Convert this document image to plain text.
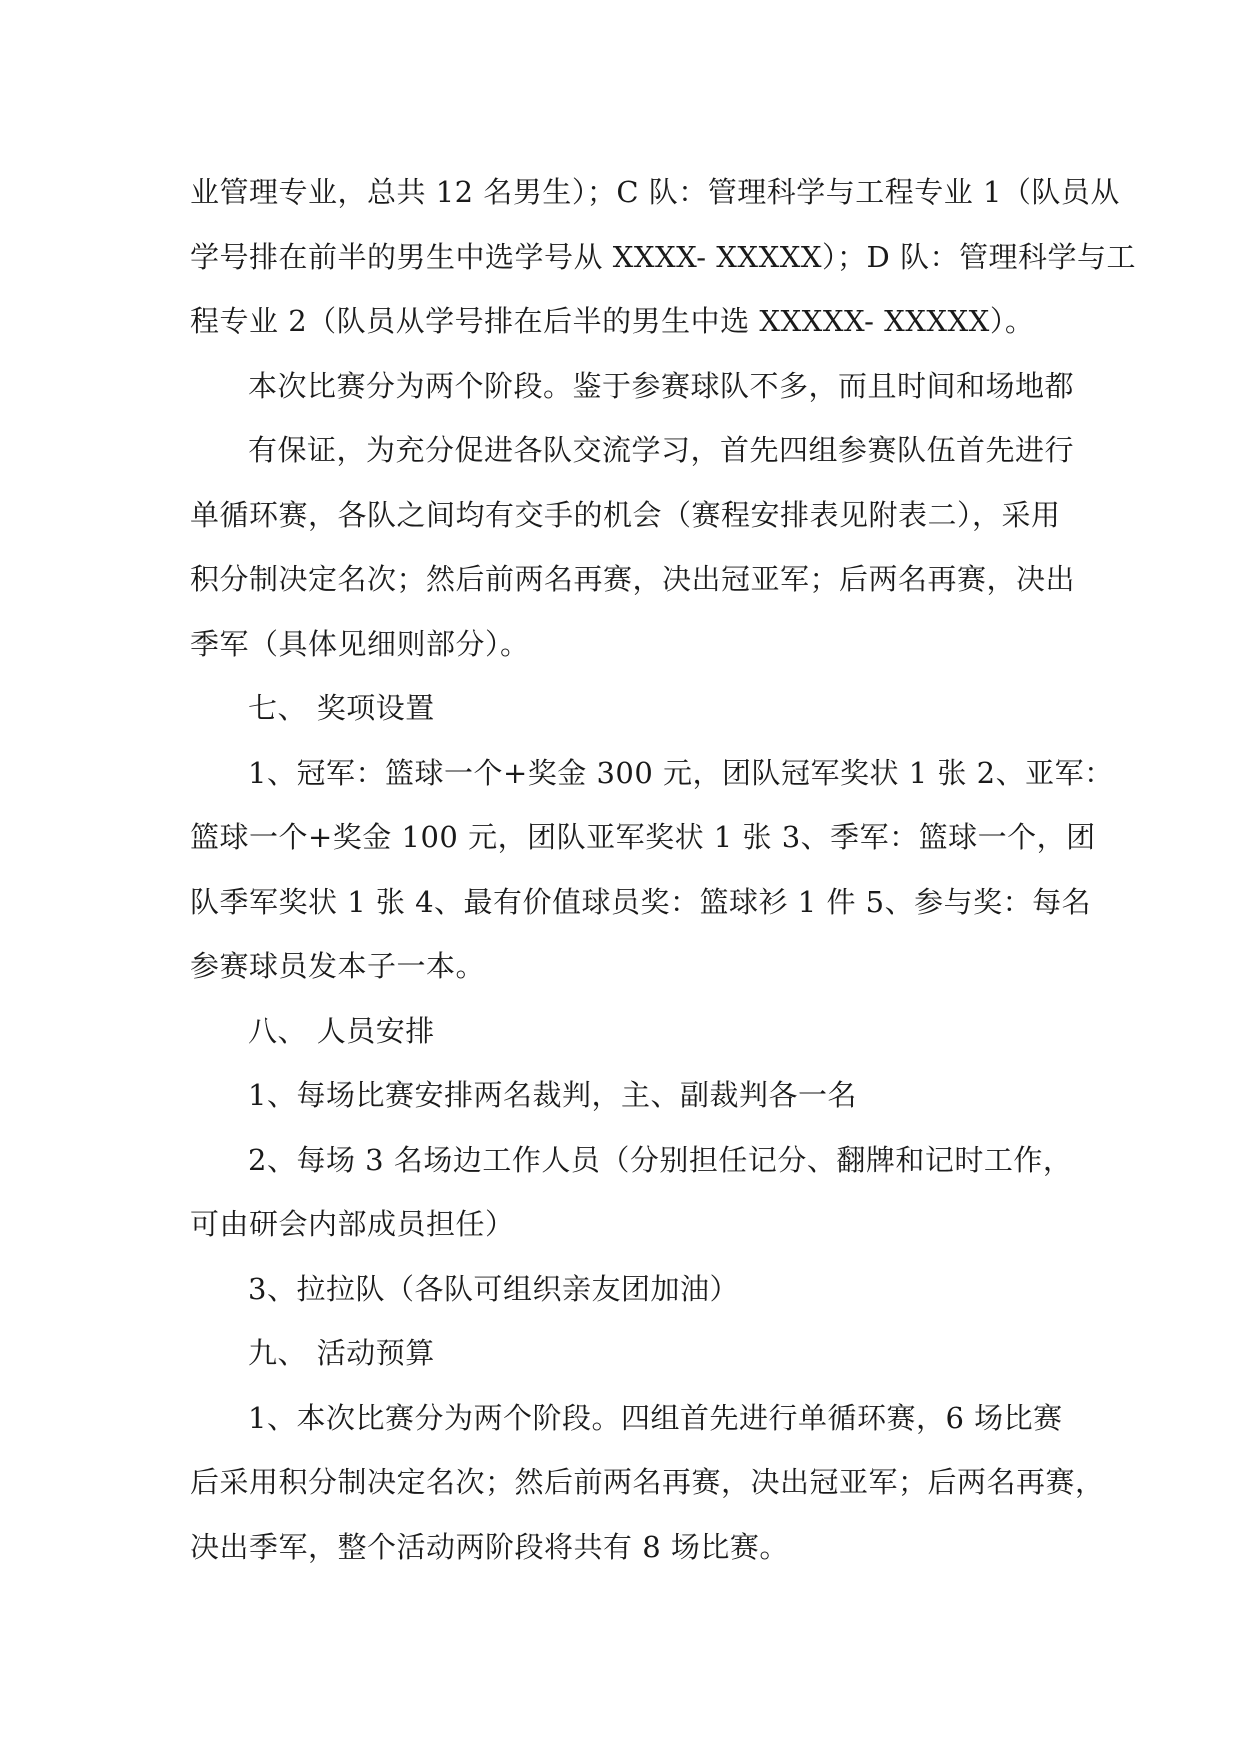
业管理专业，总共 12 名男生）；C 队：管理科学与工程专业 1（队员从
学号排在前半的男生中选学号从 XXXX- XXXXX）；D 队：管理科学与工
程专业 2（队员从学号排在后半的男生中选 XXXXX- XXXXX）。
本次比赛分为两个阶段。鉴于参赛球队不多，而且时间和场地都
有保证，为充分促进各队交流学习，首先四组参赛队伍首先进行
单循环赛，各队之间均有交手的机会（赛程安排表见附表二），采用
积分制决定名次；然后前两名再赛，决出冠亚军；后两名再赛，决出
季军（具体见细则部分）。
七、 奖项设置
1、冠军：篮球一个+奖金 300 元，团队冠军奖状 1 张 2、亚军：
篮球一个+奖金 100 元，团队亚军奖状 1 张 3、季军：篮球一个，团
队季军奖状 1 张 4、最有价值球员奖：篮球衫 1 件 5、参与奖：每名
参赛球员发本子一本。
八、 人员安排
1、每场比赛安排两名裁判，主、副裁判各一名
2、每场 3 名场边工作人员（分别担任记分、翻牌和记时工作，
可由研会内部成员担任）
3、拉拉队（各队可组织亲友团加油）
九、 活动预算
1、本次比赛分为两个阶段。四组首先进行单循环赛，6 场比赛
后采用积分制决定名次；然后前两名再赛，决出冠亚军；后两名再赛，
决出季军，整个活动两阶段将共有 8 场比赛。
